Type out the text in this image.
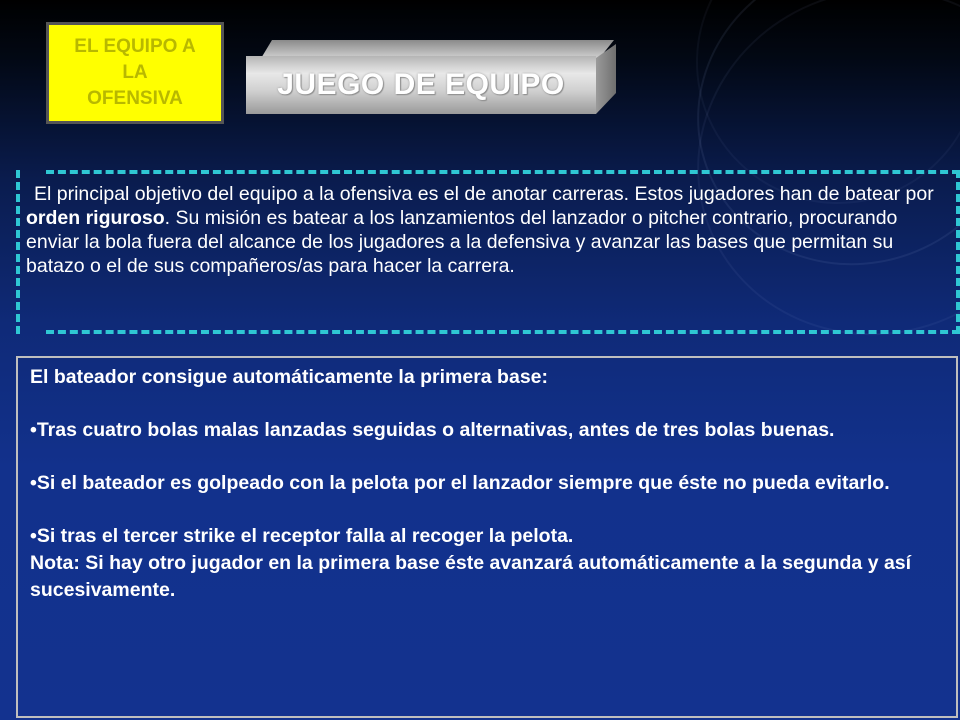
EL EQUIPO A
LA
OFENSIVA	JUEGO DE EQUIPO

El principal objetivo del equipo a la ofensiva es el de anotar carreras. Estos jugadores han de batear por orden riguroso. Su misión es batear a los lanzamientos del lanzador o pitcher contrario, procurando enviar la bola fuera del alcance de los jugadores a la defensiva y avanzar las bases que permitan su batazo o el de sus compañeros/as para hacer la carrera.

El bateador consigue automáticamente la primera base:

•Tras cuatro bolas malas lanzadas seguidas o alternativas, antes de tres bolas buenas.

•Si el bateador es golpeado con la pelota por el lanzador siempre que éste no pueda evitarlo.

•Si tras el tercer strike el receptor falla al recoger la pelota.

Nota: Si hay otro jugador en la primera base éste avanzará automáticamente a la segunda y así sucesivamente.
